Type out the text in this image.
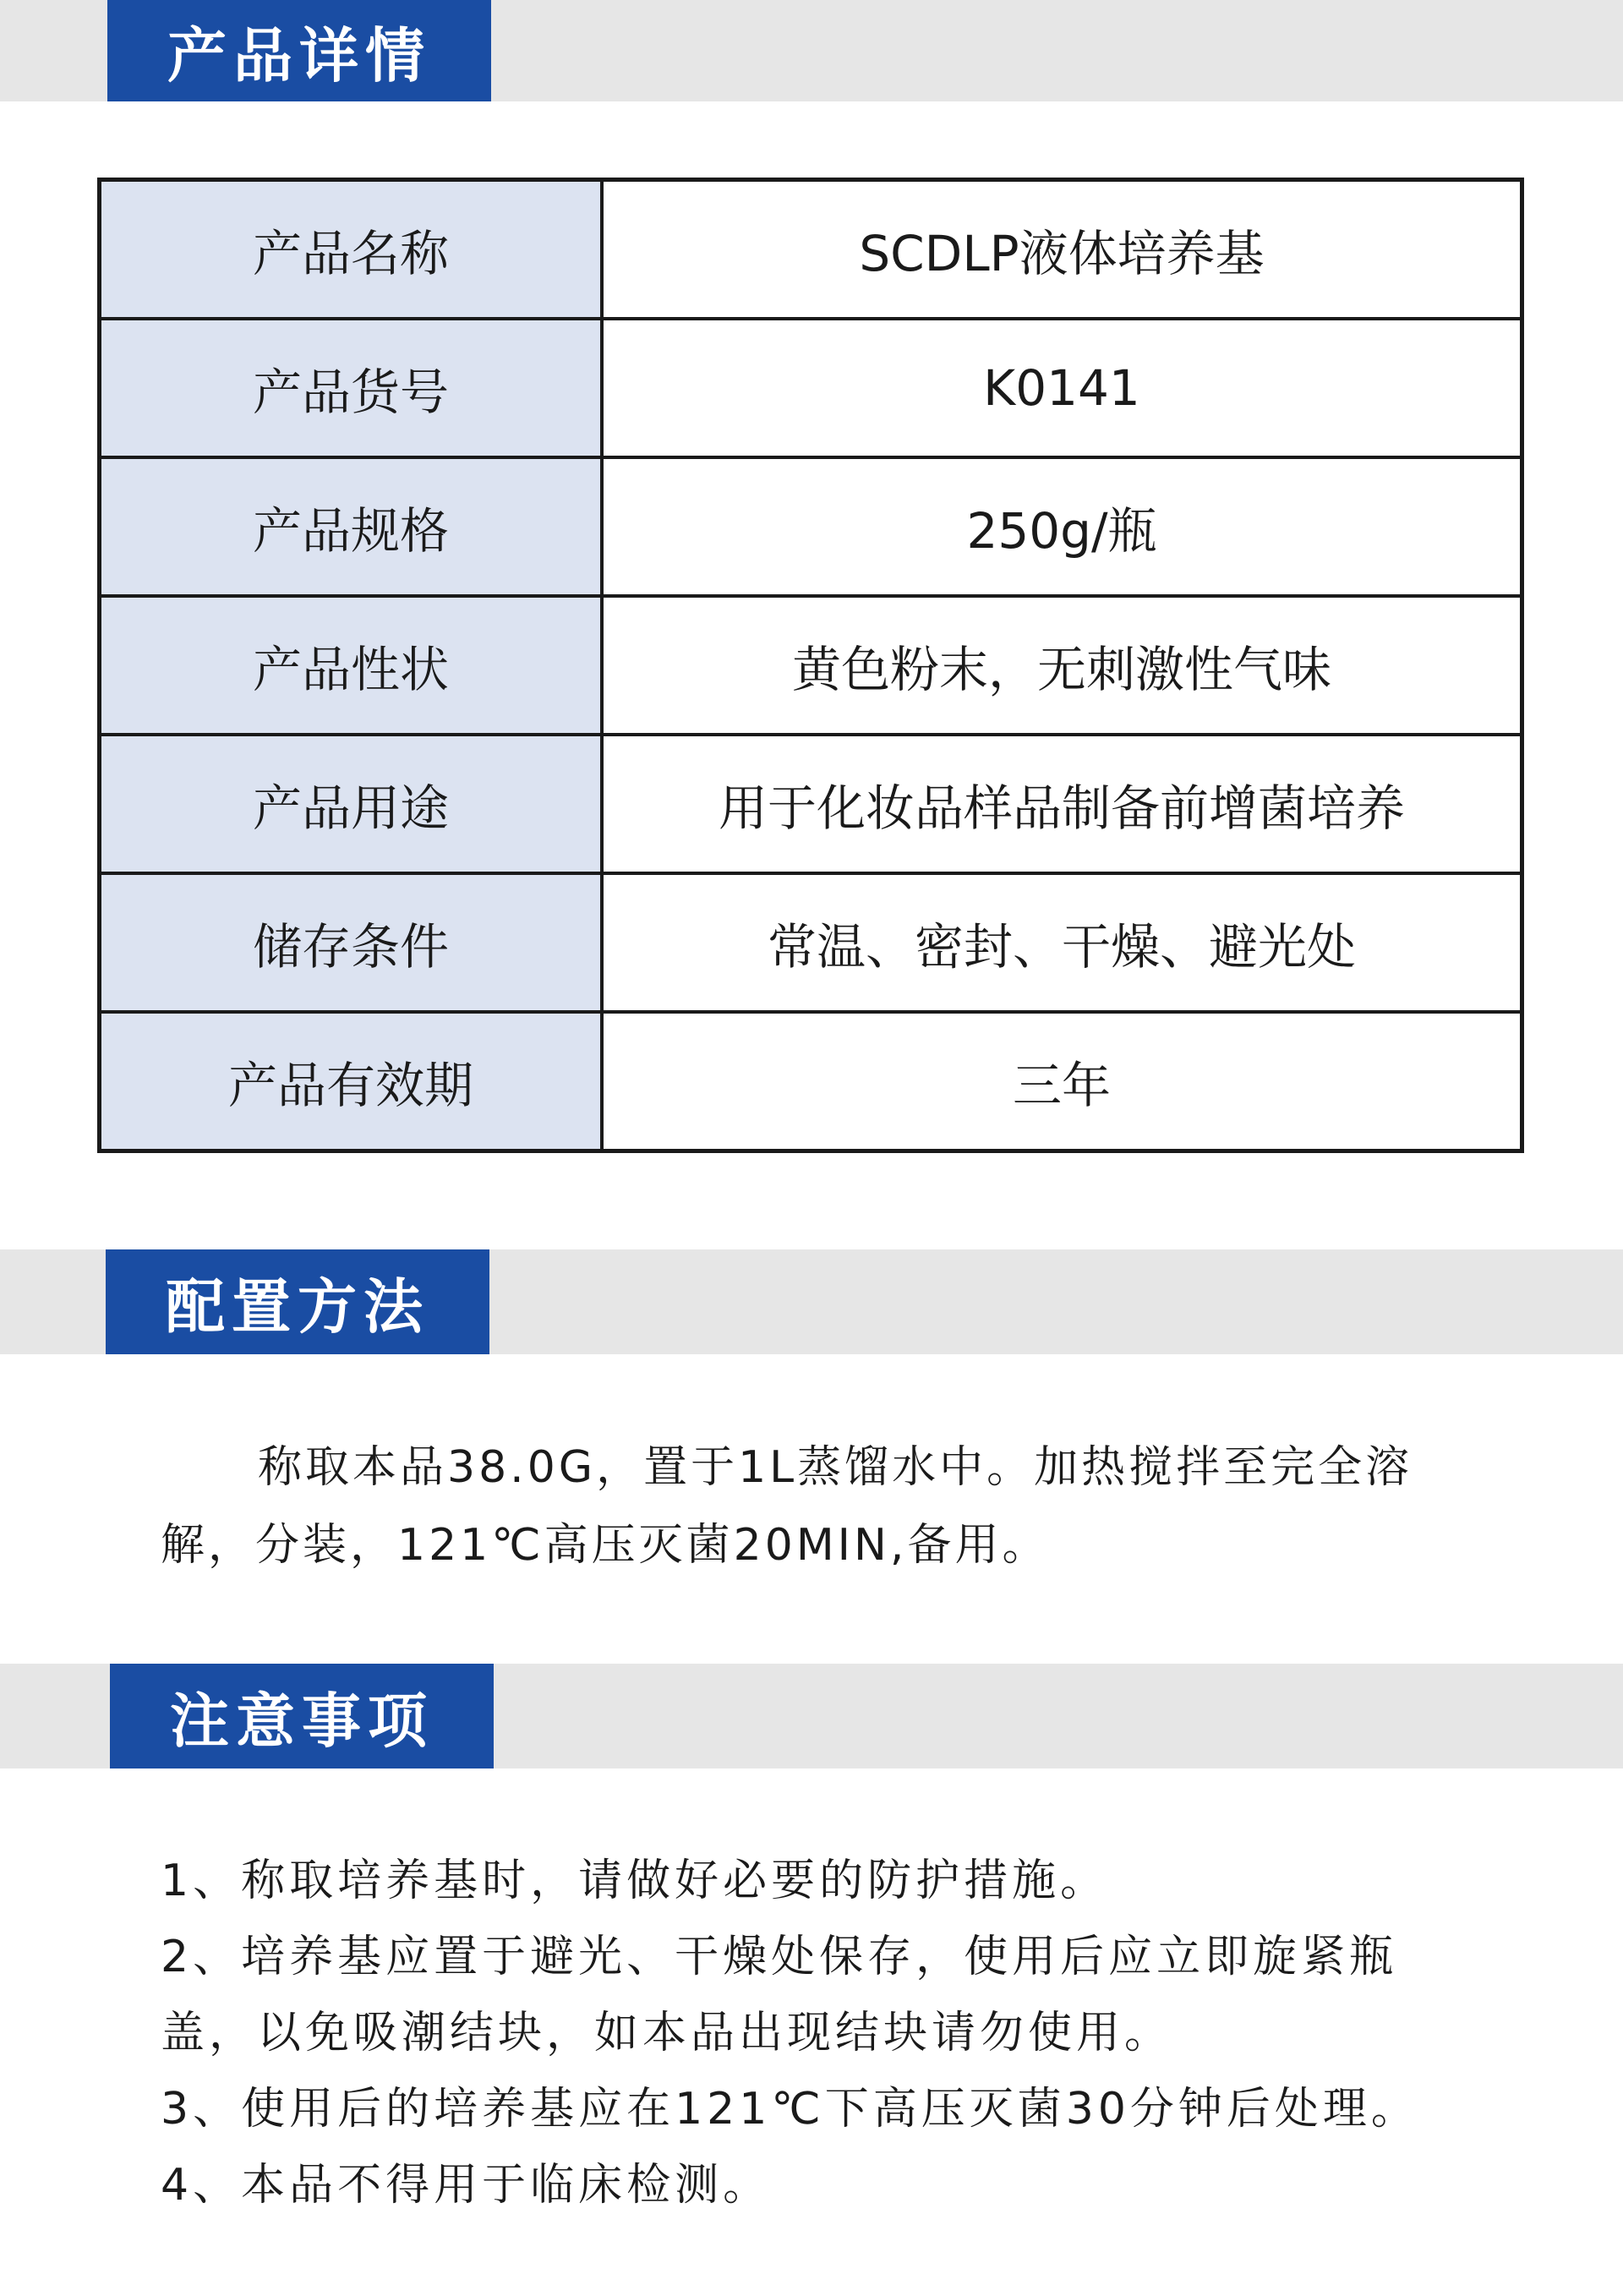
产品详情
产品名称	SCDLP液体培养基
产品货号	K0141
产品规格	250g/瓶
产品性状	黄色粉末，无刺激性气味
产品用途	用于化妆品样品制备前增菌培养
储存条件	常温、密封、干燥、避光处
产品有效期	三年
配置方法
称取本品38.0G，置于1L蒸馏水中。加热搅拌至完全溶
解，分装，121℃高压灭菌20MIN,备用。
注意事项
1、称取培养基时，请做好必要的防护措施。
2、培养基应置于避光、干燥处保存，使用后应立即旋紧瓶
盖，以免吸潮结块，如本品出现结块请勿使用。
3、使用后的培养基应在121℃下高压灭菌30分钟后处理。
4、本品不得用于临床检测。
